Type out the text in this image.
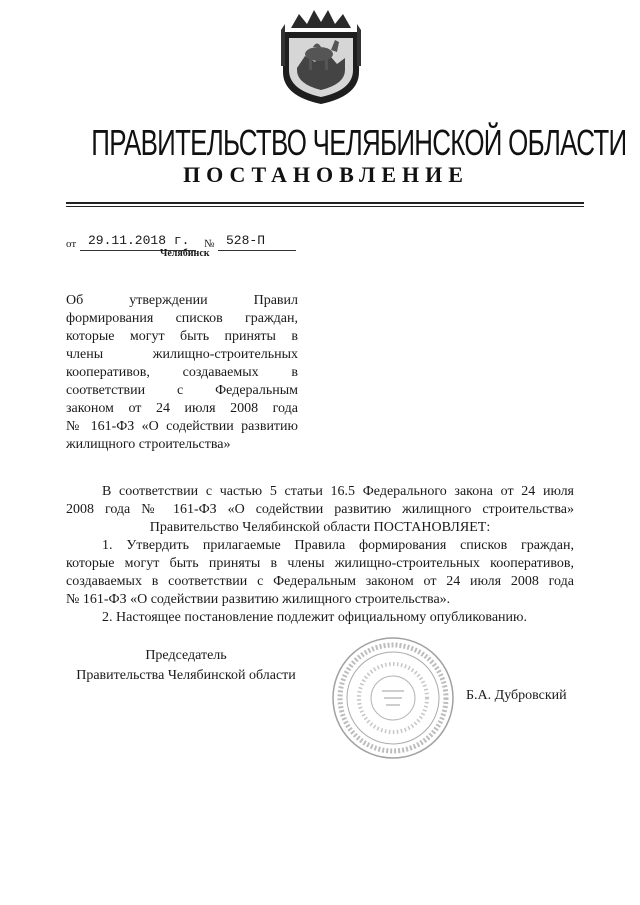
ПРАВИТЕЛЬСТВО ЧЕЛЯБИНСКОЙ ОБЛАСТИ
ПОСТАНОВЛЕНИЕ
от 29.11.2018 г. № 528-П
Челябинск
Об утверждении Правил
формирования списков граждан,
которые могут быть приняты в
члены жилищно-строительных
кооперативов, создаваемых в
соответствии с Федеральным
законом от 24 июля 2008 года
№ 161-ФЗ «О содействии развитию
жилищного строительства»
В соответствии с частью 5 статьи 16.5 Федерального закона от 24 июля
2008 года № 161-ФЗ «О содействии развитию жилищного строительства»
Правительство Челябинской области ПОСТАНОВЛЯЕТ:
1. Утвердить прилагаемые Правила формирования списков граждан,
которые могут быть приняты в члены жилищно-строительных кооперативов,
создаваемых в соответствии с Федеральным законом от 24 июля 2008 года
№ 161-ФЗ «О содействии развитию жилищного строительства».
2. Настоящее постановление подлежит официальному опубликованию.
Председатель
Правительства Челябинской области
Б.А. Дубровский
